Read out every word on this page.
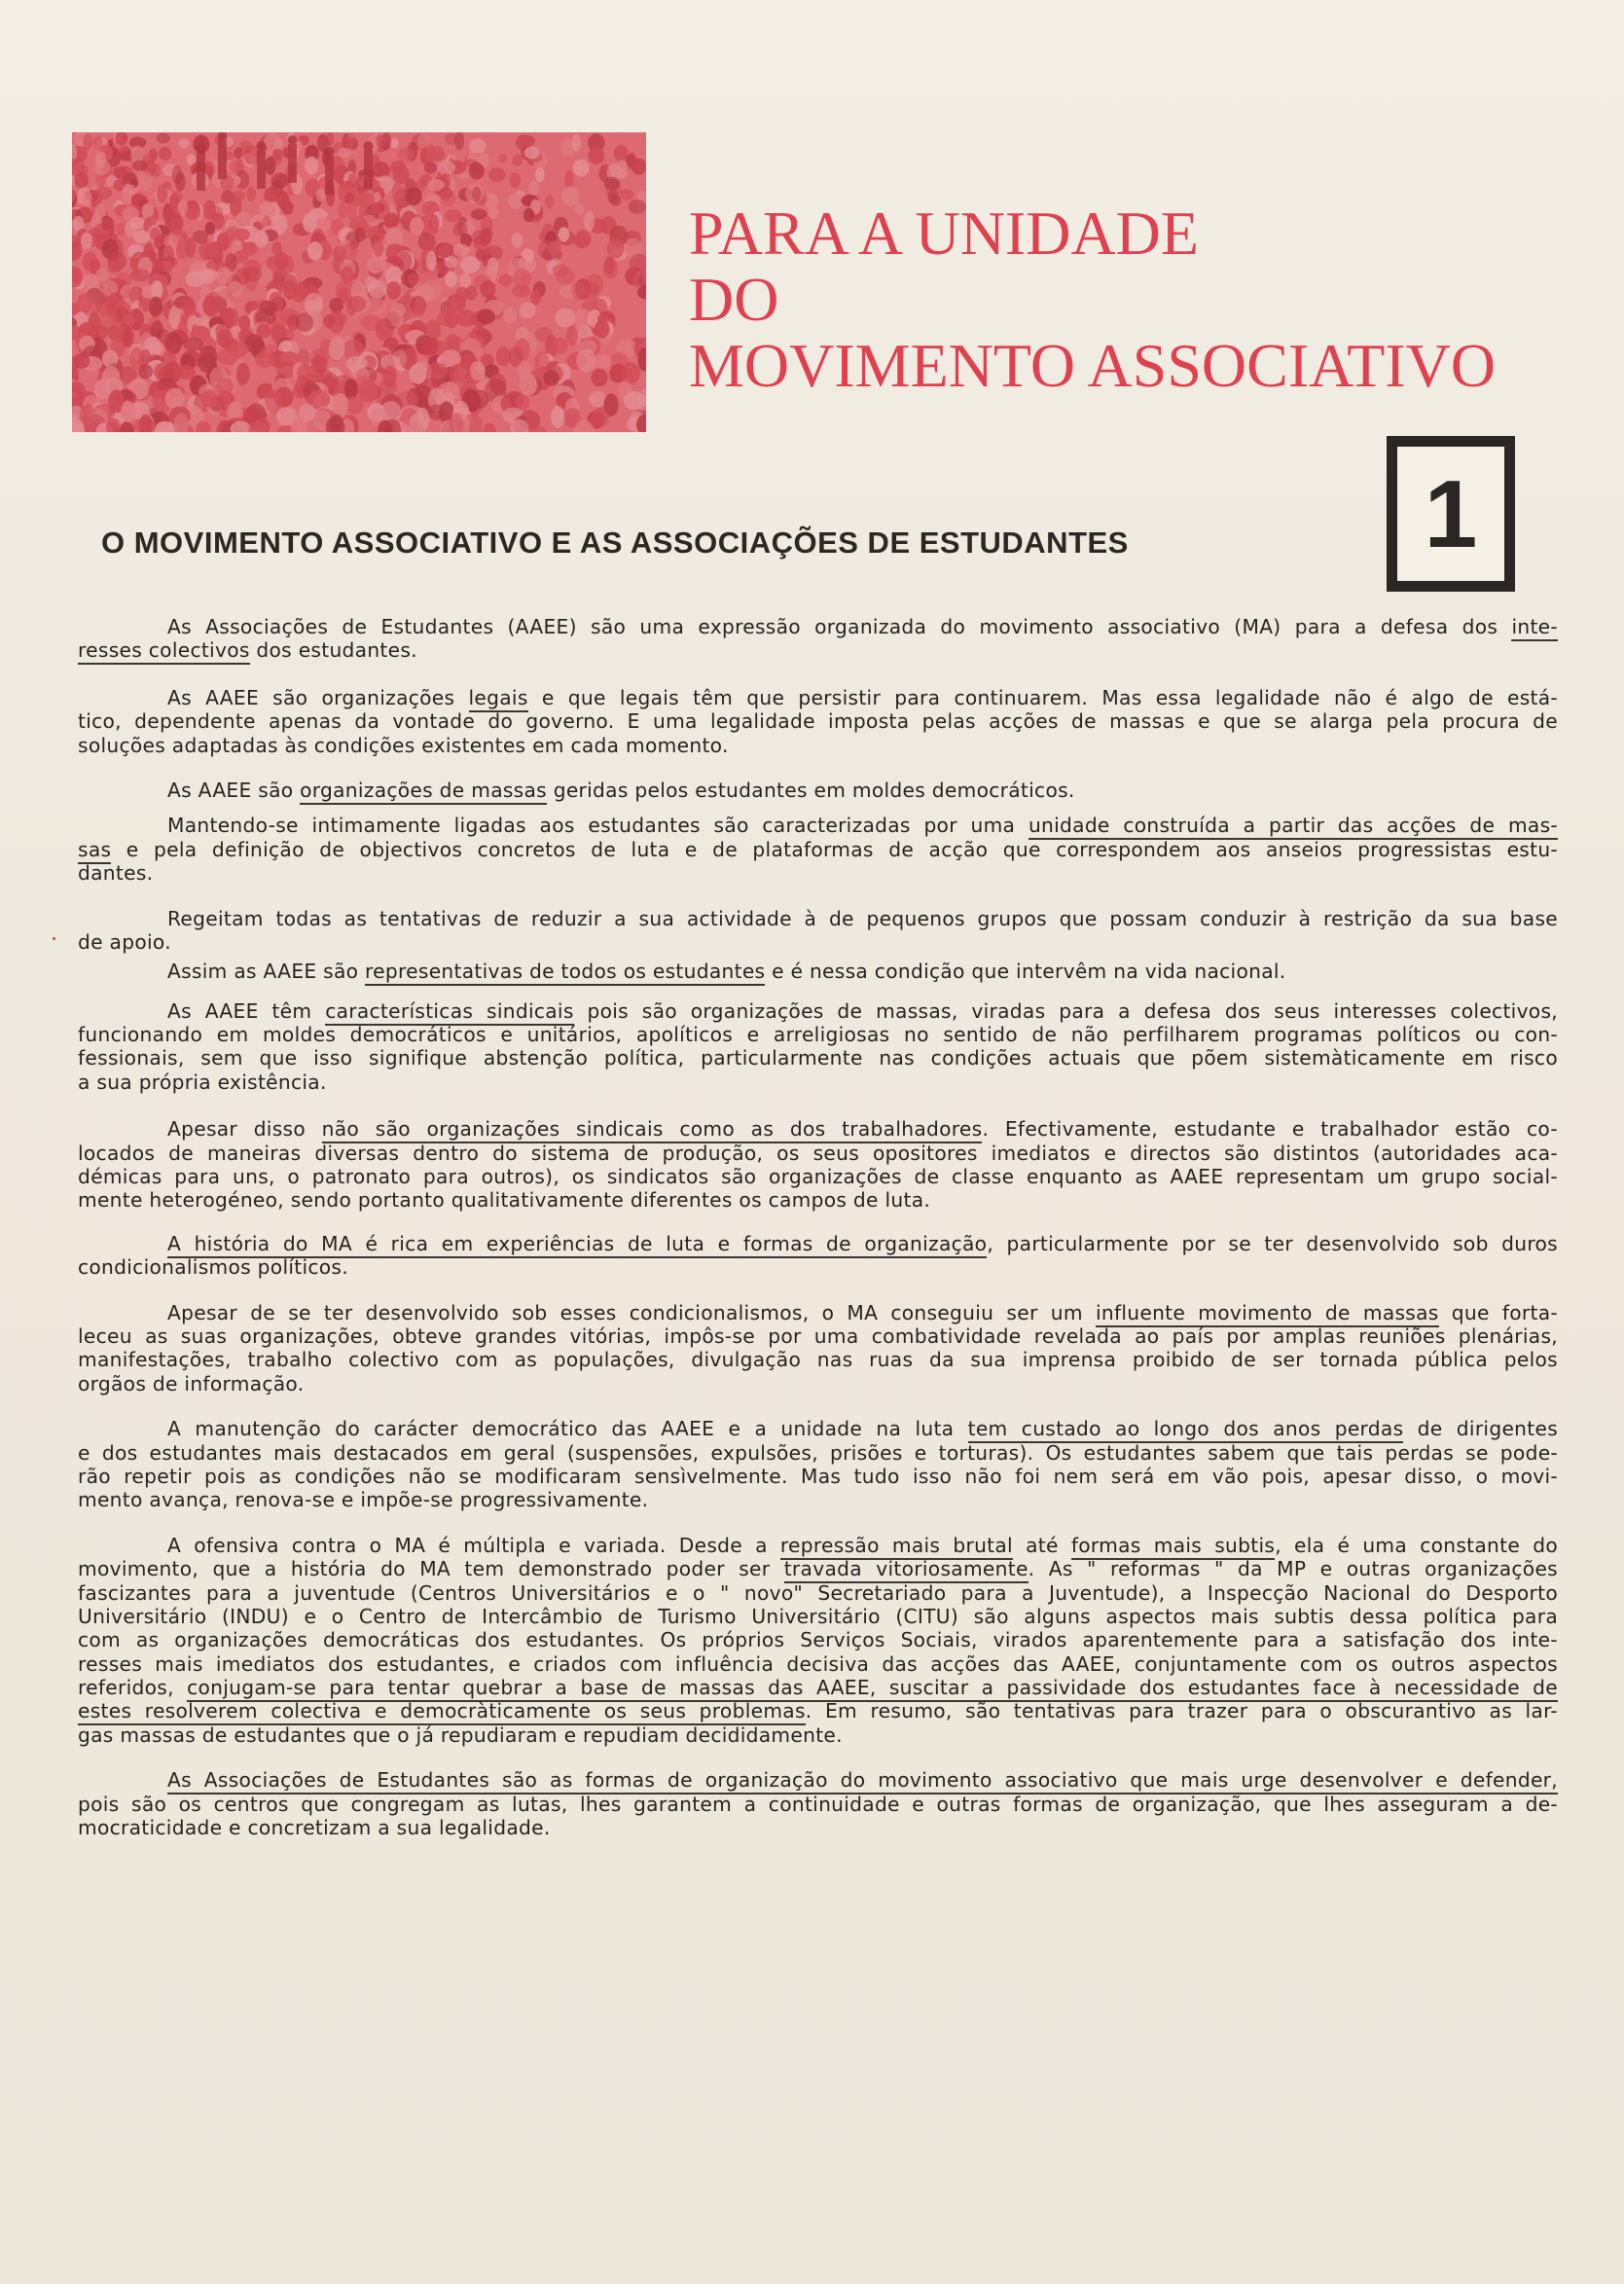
PARA A UNIDADE
DO
MOVIMENTO ASSOCIATIVO
1
O MOVIMENTO ASSOCIATIVO E AS ASSOCIAÇÕES DE ESTUDANTES
As Associações de Estudantes (AAEE) são uma expressão organizada do movimento associativo (MA) para a defesa dos inte-
resses colectivos dos estudantes.
As AAEE são organizações legais e que legais têm que persistir para continuarem. Mas essa legalidade não é algo de está-
tico, dependente apenas da vontade do governo. E uma legalidade imposta pelas acções de massas e que se alarga pela procura de
soluções adaptadas às condições existentes em cada momento.
As AAEE são organizações de massas geridas pelos estudantes em moldes democráticos.
Mantendo-se intimamente ligadas aos estudantes são caracterizadas por uma unidade construída a partir das acções de mas-
sas e pela definição de objectivos concretos de luta e de plataformas de acção que correspondem aos anseios progressistas estu-
dantes.
Regeitam todas as tentativas de reduzir a sua actividade à de pequenos grupos que possam conduzir à restrição da sua base
de apoio.
Assim as AAEE são representativas de todos os estudantes e é nessa condição que intervêm na vida nacional.
As AAEE têm características sindicais pois são organizações de massas, viradas para a defesa dos seus interesses colectivos,
funcionando em moldes democráticos e unitários, apolíticos e arreligiosas no sentido de não perfilharem programas políticos ou con-
fessionais, sem que isso signifique abstenção política, particularmente nas condições actuais que põem sistemàticamente em risco
a sua própria existência.
Apesar disso não são organizações sindicais como as dos trabalhadores. Efectivamente, estudante e trabalhador estão co-
locados de maneiras diversas dentro do sistema de produção, os seus opositores imediatos e directos são distintos (autoridades aca-
démicas para uns, o patronato para outros), os sindicatos são organizações de classe enquanto as AAEE representam um grupo social-
mente heterogéneo, sendo portanto qualitativamente diferentes os campos de luta.
A história do MA é rica em experiências de luta e formas de organização, particularmente por se ter desenvolvido sob duros
condicionalismos políticos.
Apesar de se ter desenvolvido sob esses condicionalismos, o MA conseguiu ser um influente movimento de massas que forta-
leceu as suas organizações, obteve grandes vitórias, impôs-se por uma combatividade revelada ao país por amplas reuniões plenárias,
manifestações, trabalho colectivo com as populações, divulgação nas ruas da sua imprensa proibido de ser tornada pública pelos
orgãos de informação.
A manutenção do carácter democrático das AAEE e a unidade na luta tem custado ao longo dos anos perdas de dirigentes
e dos estudantes mais destacados em geral (suspensões, expulsões, prisões e torturas). Os estudantes sabem que tais perdas se pode-
rão repetir pois as condições não se modificaram sensìvelmente. Mas tudo isso não foi nem será em vão pois, apesar disso, o movi-
mento avança, renova-se e impõe-se progressivamente.
A ofensiva contra o MA é múltipla e variada. Desde a repressão mais brutal até formas mais subtis, ela é uma constante do
movimento, que a história do MA tem demonstrado poder ser travada vitoriosamente. As " reformas " da MP e outras organizações
fascizantes para a juventude (Centros Universitários e o " novo" Secretariado para a Juventude), a Inspecção Nacional do Desporto
Universitário (INDU) e o Centro de Intercâmbio de Turismo Universitário (CITU) são alguns aspectos mais subtis dessa política para
com as organizações democráticas dos estudantes. Os próprios Serviços Sociais, virados aparentemente para a satisfação dos inte-
resses mais imediatos dos estudantes, e criados com influência decisiva das acções das AAEE, conjuntamente com os outros aspectos
referidos, conjugam-se para tentar quebrar a base de massas das AAEE, suscitar a passividade dos estudantes face à necessidade de
estes resolverem colectiva e democràticamente os seus problemas. Em resumo, são tentativas para trazer para o obscurantivo as lar-
gas massas de estudantes que o já repudiaram e repudiam decididamente.
As Associações de Estudantes são as formas de organização do movimento associativo que mais urge desenvolver e defender,
pois são os centros que congregam as lutas, lhes garantem a continuidade e outras formas de organização, que lhes asseguram a de-
mocraticidade e concretizam a sua legalidade.
